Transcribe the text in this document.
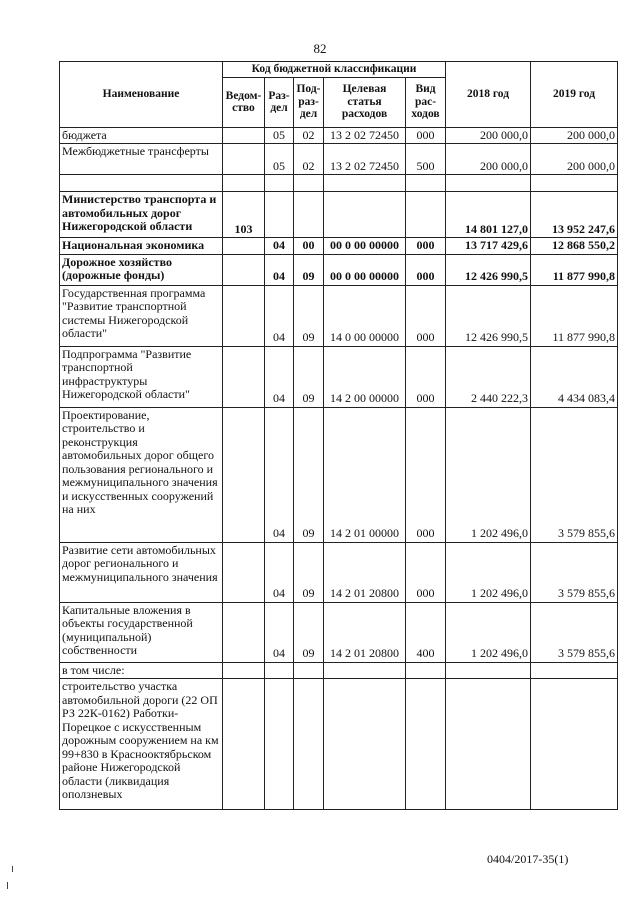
82
Наименование	Код бюджетной классификации					2018 год	2019 год
	Ведом-ство	Раз-дел	Под-раз-дел	Целевая статья расходов	Вид рас-ходов		
бюджета		05	02	13 2 02 72450	000	200 000,0	200 000,0
Межбюджетные трансферты		05	02	13 2 02 72450	500	200 000,0	200 000,0

Министерство транспорта и автомобильных дорог Нижегородской области	103					14 801 127,0	13 952 247,6
Национальная экономика		04	00	00 0 00 00000	000	13 717 429,6	12 868 550,2
Дорожное хозяйство (дорожные фонды)		04	09	00 0 00 00000	000	12 426 990,5	11 877 990,8
Государственная программа "Развитие транспортной системы Нижегородской области"		04	09	14 0 00 00000	000	12 426 990,5	11 877 990,8
Подпрограмма "Развитие транспортной инфраструктуры Нижегородской области"		04	09	14 2 00 00000	000	2 440 222,3	4 434 083,4
Проектирование, строительство и реконструкция автомобильных дорог общего пользования регионального и межмуниципального значения и искусственных сооружений на них		04	09	14 2 01 00000	000	1 202 496,0	3 579 855,6
Развитие сети автомобильных дорог регионального и межмуниципального значения		04	09	14 2 01 20800	000	1 202 496,0	3 579 855,6
Капитальные вложения в объекты государственной (муниципальной) собственности		04	09	14 2 01 20800	400	1 202 496,0	3 579 855,6
в том числе:							
строительство участка автомобильной дороги (22 ОП РЗ 22К-0162) Работки-Порецкое с искусственным дорожным сооружением на км 99+830 в Краснооктябрьском районе Нижегородской области (ликвидация оползневых							
0404/2017-35(1)
